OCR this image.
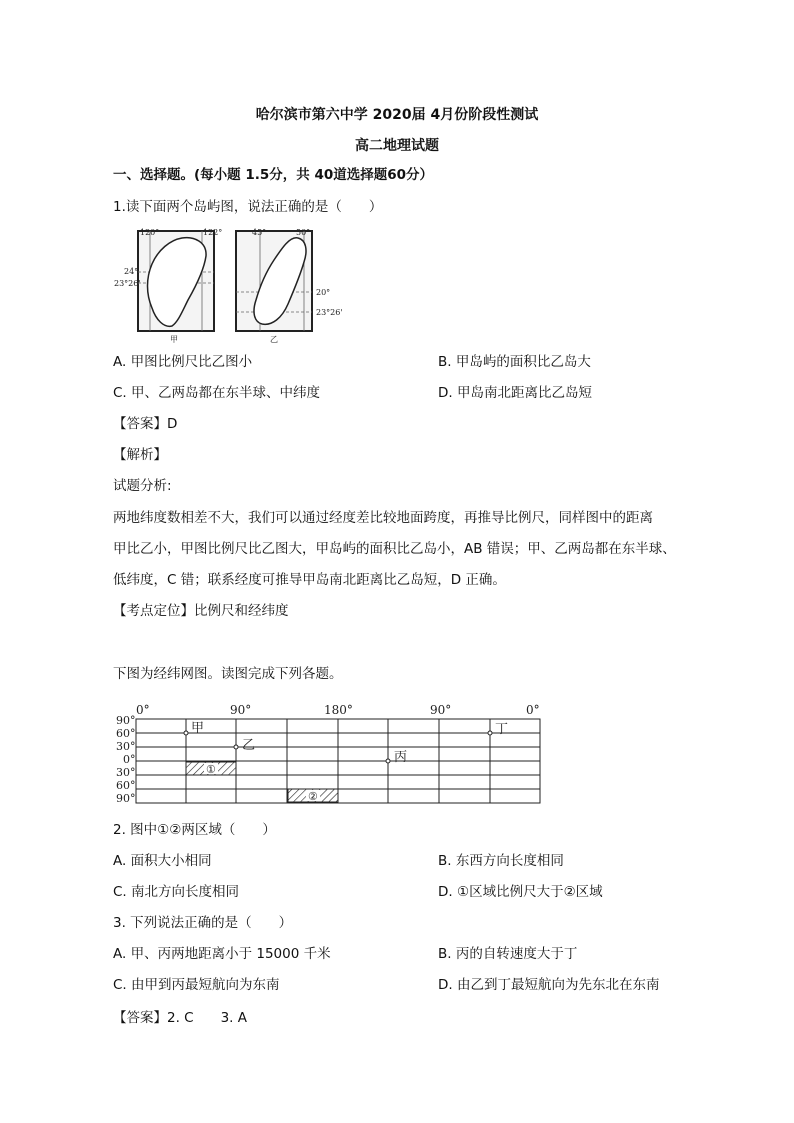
哈尔滨市第六中学 2020届 4月份阶段性测试
高二地理试题
一、选择题。(每小题 1.5分，共 40道选择题60分）
1.读下面两个岛屿图，说法正确的是（　　）
120°	122°
24°
23°26'
甲
45°	50°
20°
23°26'
乙
A. 甲图比例尺比乙图小	B. 甲岛屿的面积比乙岛大
C. 甲、乙两岛都在东半球、中纬度	D. 甲岛南北距离比乙岛短
【答案】D
【解析】
试题分析:
两地纬度数相差不大，我们可以通过经度差比较地面跨度，再推导比例尺，同样图中的距离
甲比乙小，甲图比例尺比乙图大，甲岛屿的面积比乙岛小，AB 错误；甲、乙两岛都在东半球、
低纬度，C 错；联系经度可推导甲岛南北距离比乙岛短，D 正确。
【考点定位】比例尺和经纬度
下图为经纬网图。读图完成下列各题。
0°	90°	180°	90°	0°
90°
60°
30°
0°
30°
60°
90°
①
②
甲
乙
丙
丁
2. 图中①②两区域（　　）
A. 面积大小相同	B. 东西方向长度相同
C. 南北方向长度相同	D. ①区域比例尺大于②区域
3. 下列说法正确的是（　　）
A. 甲、丙两地距离小于 15000 千米	B. 丙的自转速度大于丁
C. 由甲到丙最短航向为东南	D. 由乙到丁最短航向为先东北在东南
【答案】2. C　　3. A
